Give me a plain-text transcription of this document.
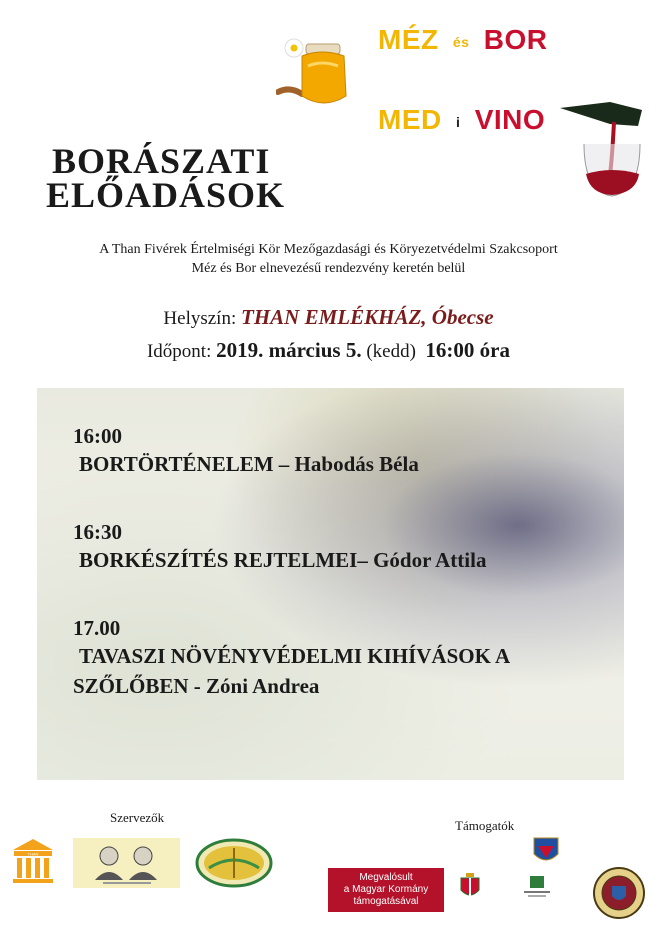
MÉZ és BOR
MED i VINO
BORÁSZATI
ELŐADÁSOK
A Than Fivérek Értelmiségi Kör Mezőgazdasági és Köryezetvédelmi Szakcsoport
Méz és Bor elnevezésű rendezvény keretén belül
Helyszín: THAN EMLÉKHÁZ, Óbecse
Időpont: 2019. március 5. (kedd) 16:00 óra
16:00
BORTÖRTÉNELEM – Habodás Béla
16:30
BORKÉSZÍTÉS REJTELMEI– Gódor Attila
17.00
TAVASZI NÖVÉNYVÉDELMI KIHÍVÁSOK A
SZŐLŐBEN - Zóni Andrea
Szervezők
THAN
Támogatók
Megvalósult
a Magyar Kormány
támogatásával
